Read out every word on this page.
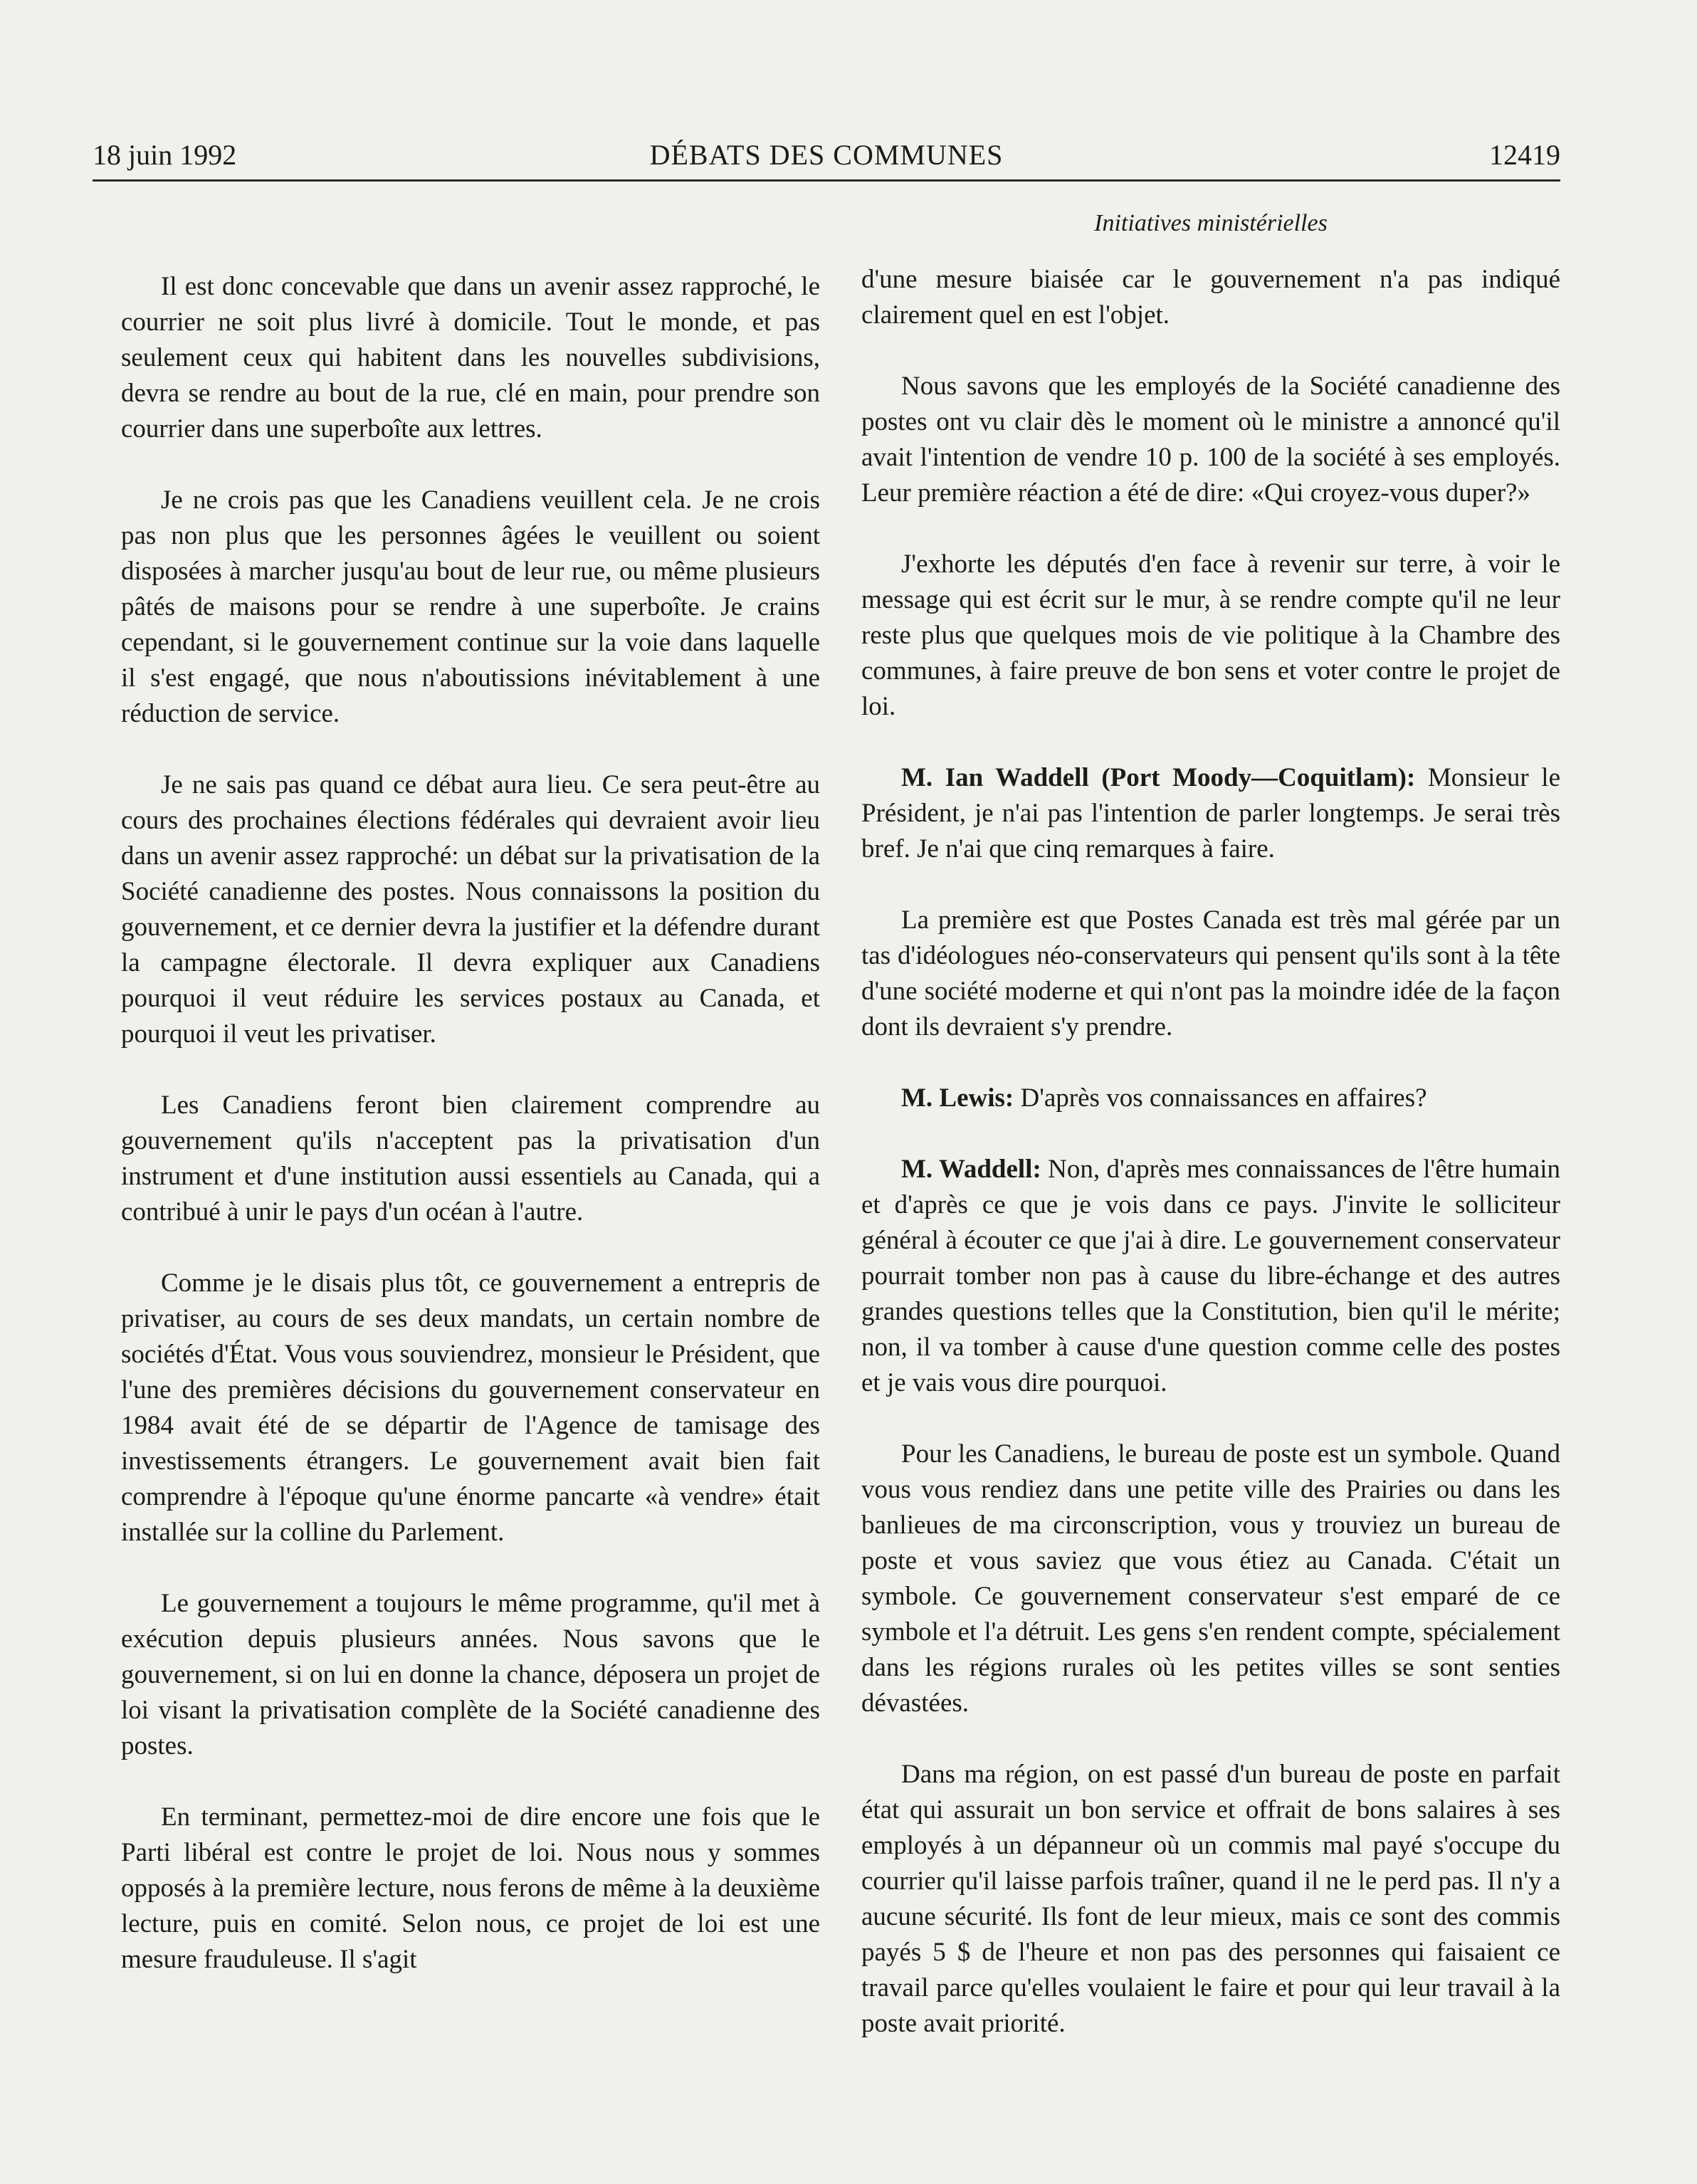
18 juin 1992	DÉBATS DES COMMUNES	12419
Initiatives ministérielles

Il est donc concevable que dans un avenir assez rapproché, le courrier ne soit plus livré à domicile. Tout le monde, et pas seulement ceux qui habitent dans les nouvelles subdivisions, devra se rendre au bout de la rue, clé en main, pour prendre son courrier dans une superboîte aux lettres.

Je ne crois pas que les Canadiens veuillent cela. Je ne crois pas non plus que les personnes âgées le veuillent ou soient disposées à marcher jusqu'au bout de leur rue, ou même plusieurs pâtés de maisons pour se rendre à une superboîte. Je crains cependant, si le gouvernement continue sur la voie dans laquelle il s'est engagé, que nous n'aboutissions inévitablement à une réduction de service.

Je ne sais pas quand ce débat aura lieu. Ce sera peut-être au cours des prochaines élections fédérales qui devraient avoir lieu dans un avenir assez rapproché: un débat sur la privatisation de la Société canadienne des postes. Nous connaissons la position du gouvernement, et ce dernier devra la justifier et la défendre durant la campagne électorale. Il devra expliquer aux Canadiens pourquoi il veut réduire les services postaux au Canada, et pourquoi il veut les privatiser.

Les Canadiens feront bien clairement comprendre au gouvernement qu'ils n'acceptent pas la privatisation d'un instrument et d'une institution aussi essentiels au Canada, qui a contribué à unir le pays d'un océan à l'autre.

Comme je le disais plus tôt, ce gouvernement a entrepris de privatiser, au cours de ses deux mandats, un certain nombre de sociétés d'État. Vous vous souviendrez, monsieur le Président, que l'une des premières décisions du gouvernement conservateur en 1984 avait été de se départir de l'Agence de tamisage des investissements étrangers. Le gouvernement avait bien fait comprendre à l'époque qu'une énorme pancarte «à vendre» était installée sur la colline du Parlement.

Le gouvernement a toujours le même programme, qu'il met à exécution depuis plusieurs années. Nous savons que le gouvernement, si on lui en donne la chance, déposera un projet de loi visant la privatisation complète de la Société canadienne des postes.

En terminant, permettez-moi de dire encore une fois que le Parti libéral est contre le projet de loi. Nous nous y sommes opposés à la première lecture, nous ferons de même à la deuxième lecture, puis en comité. Selon nous, ce projet de loi est une mesure frauduleuse. Il s'agit

d'une mesure biaisée car le gouvernement n'a pas indiqué clairement quel en est l'objet.

Nous savons que les employés de la Société canadienne des postes ont vu clair dès le moment où le ministre a annoncé qu'il avait l'intention de vendre 10 p. 100 de la société à ses employés. Leur première réaction a été de dire: «Qui croyez-vous duper?»

J'exhorte les députés d'en face à revenir sur terre, à voir le message qui est écrit sur le mur, à se rendre compte qu'il ne leur reste plus que quelques mois de vie politique à la Chambre des communes, à faire preuve de bon sens et voter contre le projet de loi.

M. Ian Waddell (Port Moody—Coquitlam): Monsieur le Président, je n'ai pas l'intention de parler longtemps. Je serai très bref. Je n'ai que cinq remarques à faire.

La première est que Postes Canada est très mal gérée par un tas d'idéologues néo-conservateurs qui pensent qu'ils sont à la tête d'une société moderne et qui n'ont pas la moindre idée de la façon dont ils devraient s'y prendre.

M. Lewis: D'après vos connaissances en affaires?

M. Waddell: Non, d'après mes connaissances de l'être humain et d'après ce que je vois dans ce pays. J'invite le solliciteur général à écouter ce que j'ai à dire. Le gouvernement conservateur pourrait tomber non pas à cause du libre-échange et des autres grandes questions telles que la Constitution, bien qu'il le mérite; non, il va tomber à cause d'une question comme celle des postes et je vais vous dire pourquoi.

Pour les Canadiens, le bureau de poste est un symbole. Quand vous vous rendiez dans une petite ville des Prairies ou dans les banlieues de ma circonscription, vous y trouviez un bureau de poste et vous saviez que vous étiez au Canada. C'était un symbole. Ce gouvernement conservateur s'est emparé de ce symbole et l'a détruit. Les gens s'en rendent compte, spécialement dans les régions rurales où les petites villes se sont senties dévastées.

Dans ma région, on est passé d'un bureau de poste en parfait état qui assurait un bon service et offrait de bons salaires à ses employés à un dépanneur où un commis mal payé s'occupe du courrier qu'il laisse parfois traîner, quand il ne le perd pas. Il n'y a aucune sécurité. Ils font de leur mieux, mais ce sont des commis payés 5 $ de l'heure et non pas des personnes qui faisaient ce travail parce qu'elles voulaient le faire et pour qui leur travail à la poste avait priorité.
